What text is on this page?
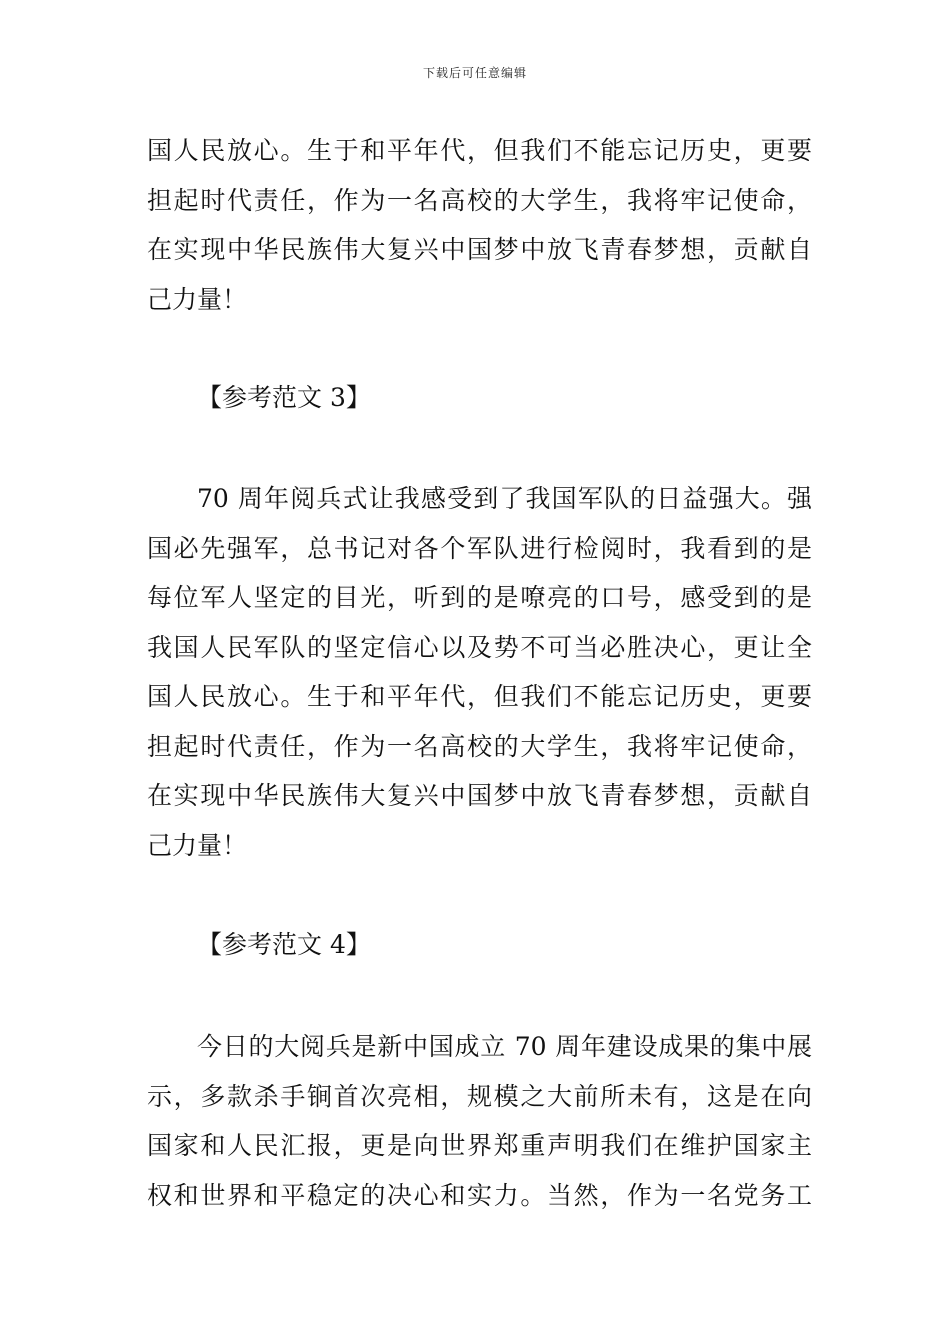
下载后可任意编辑
国人民放心。生于和平年代，但我们不能忘记历史，更要
担起时代责任，作为一名高校的大学生，我将牢记使命，
在实现中华民族伟大复兴中国梦中放飞青春梦想，贡献自
己力量！
【参考范文 3】
70 周年阅兵式让我感受到了我国军队的日益强大。强
国必先强军，总书记对各个军队进行检阅时，我看到的是
每位军人坚定的目光，听到的是嘹亮的口号，感受到的是
我国人民军队的坚定信心以及势不可当必胜决心，更让全
国人民放心。生于和平年代，但我们不能忘记历史，更要
担起时代责任，作为一名高校的大学生，我将牢记使命，
在实现中华民族伟大复兴中国梦中放飞青春梦想，贡献自
己力量！
【参考范文 4】
今日的大阅兵是新中国成立 70 周年建设成果的集中展
示，多款杀手锏首次亮相，规模之大前所未有，这是在向
国家和人民汇报，更是向世界郑重声明我们在维护国家主
权和世界和平稳定的决心和实力。当然，作为一名党务工
